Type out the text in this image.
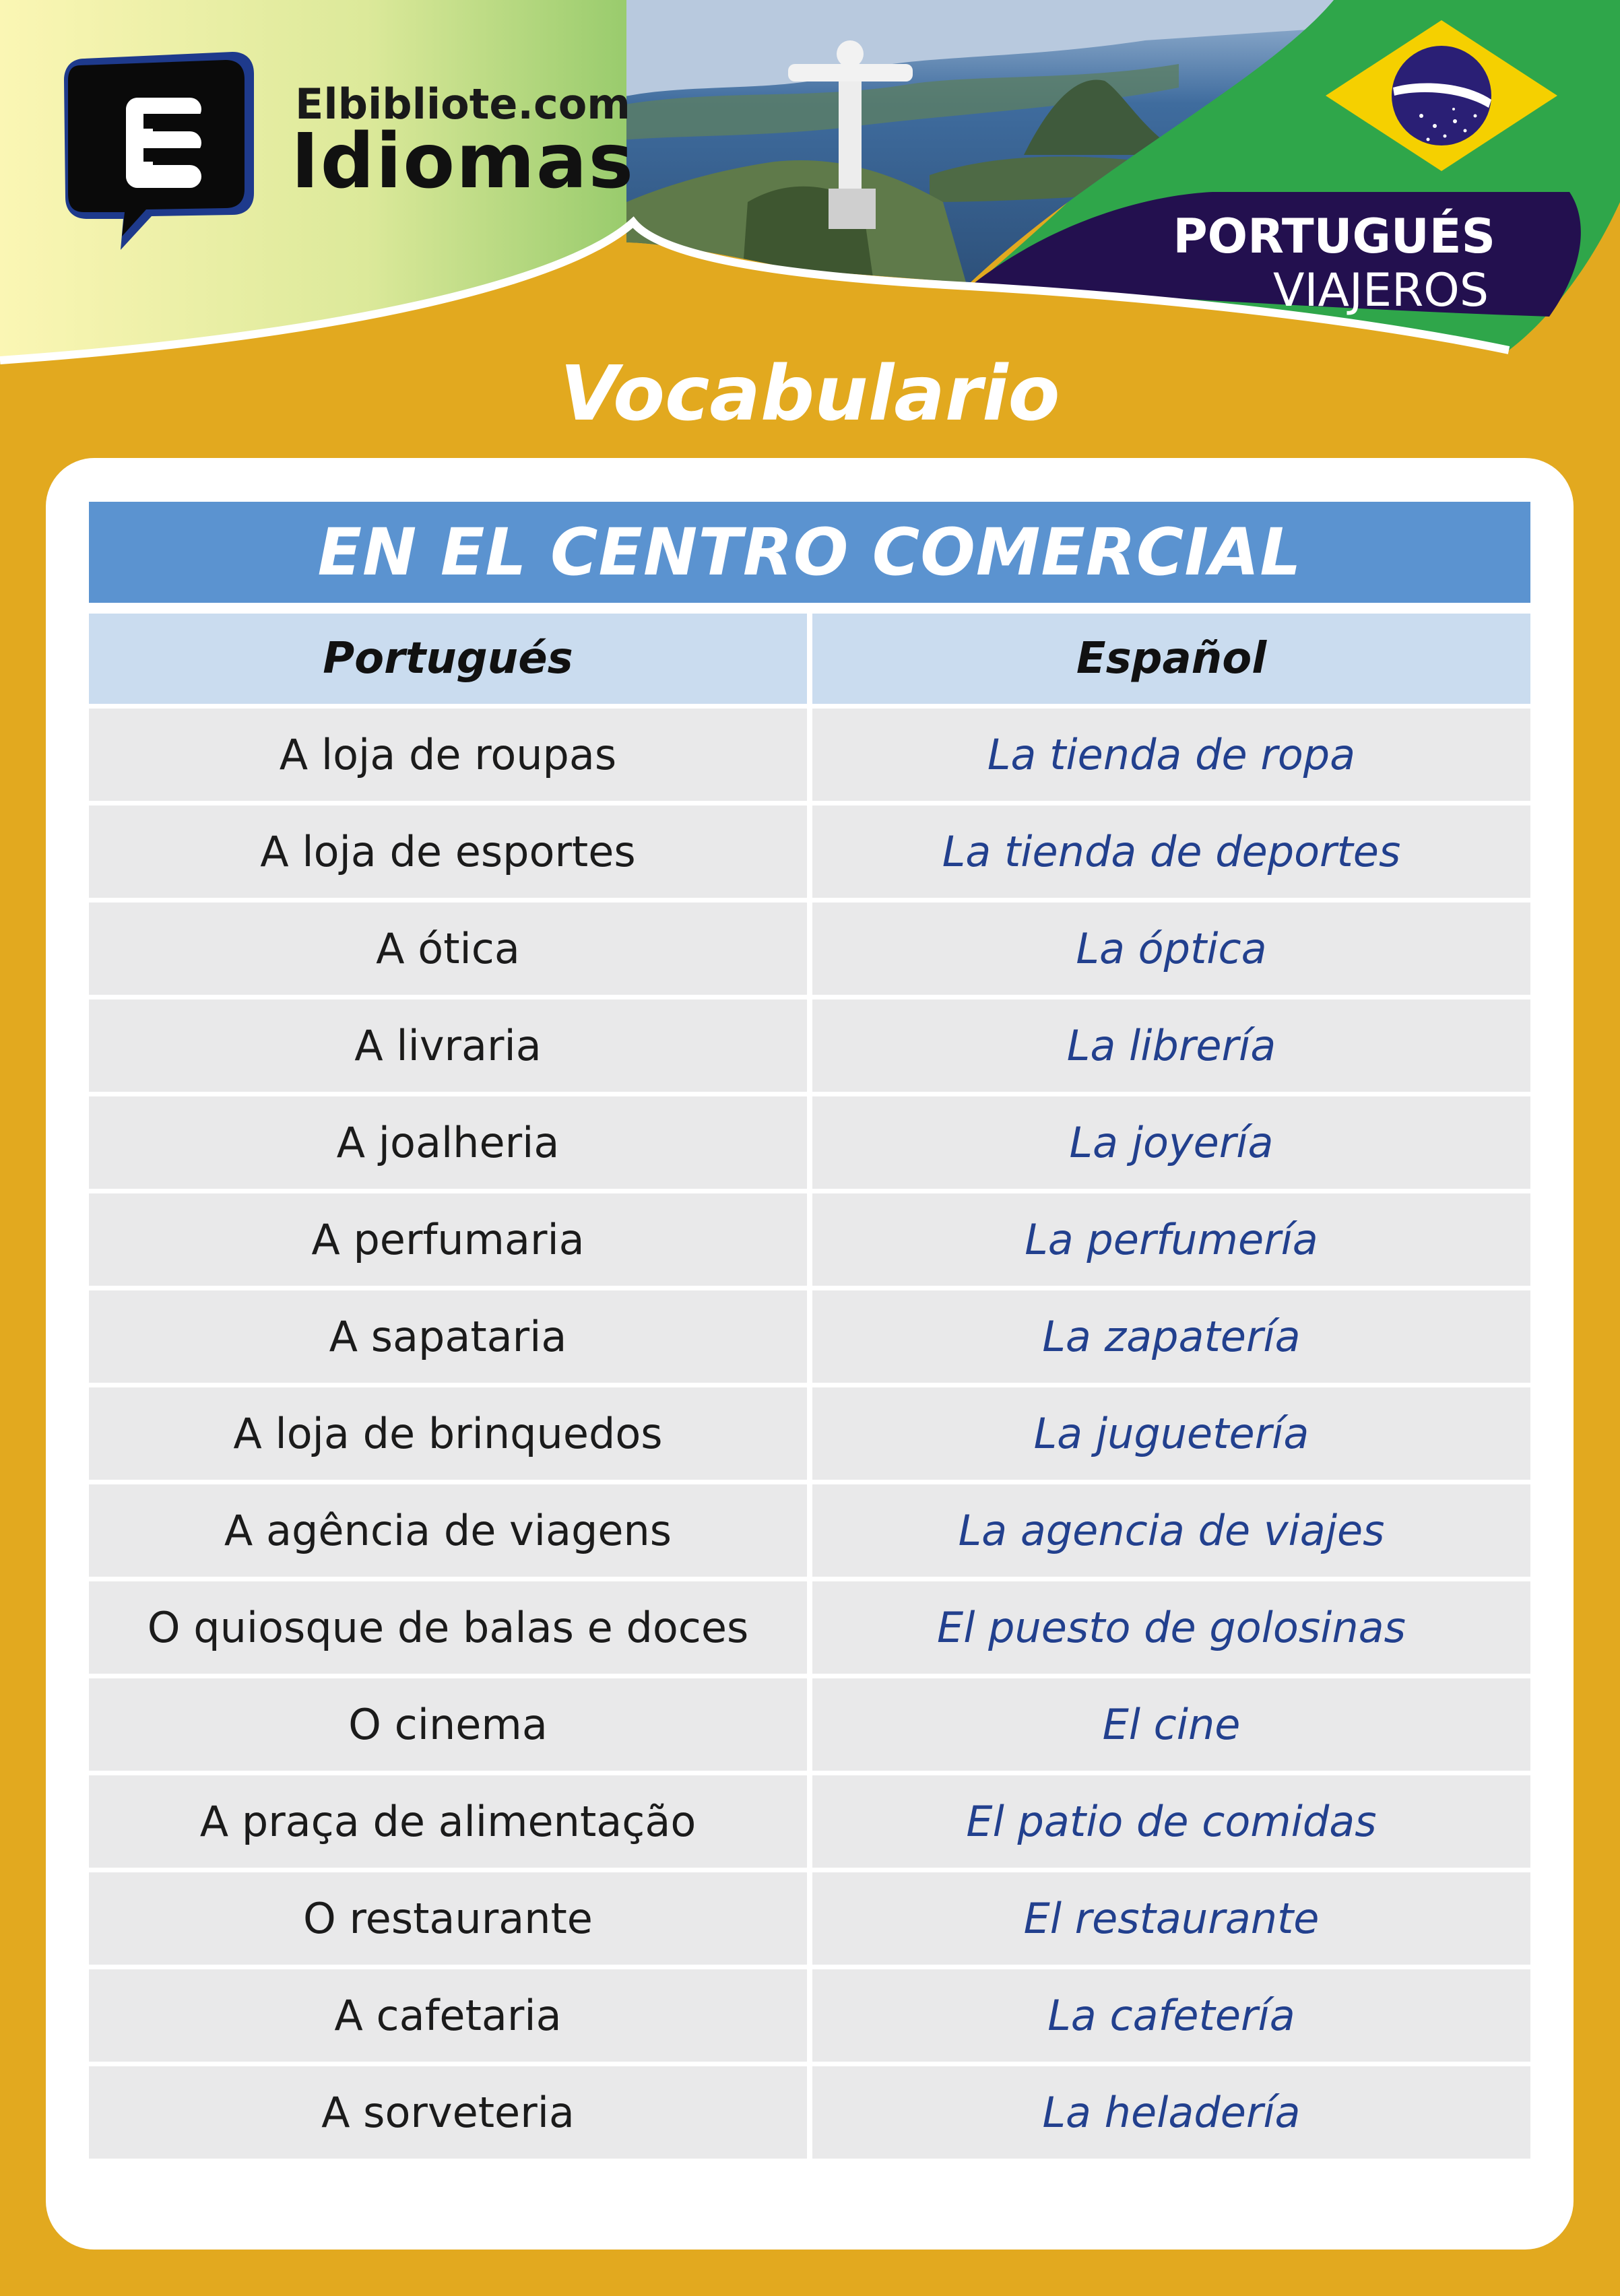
Elbibliote.com
Idiomas
PORTUGUÉS
VIAJEROS
Vocabulario
EN EL CENTRO COMERCIAL
Portugués	Español
A loja de roupas	La tienda de ropa
A loja de esportes	La tienda de deportes
A ótica	La óptica
A livraria	La librería
A joalheria	La joyería
A perfumaria	La perfumería
A sapataria	La zapatería
A loja de brinquedos	La juguetería
A agência de viagens	La agencia de viajes
O quiosque de balas e doces	El puesto de golosinas
O cinema	El cine
A praça de alimentação	El patio de comidas
O restaurante	El restaurante
A cafetaria	La cafetería
A sorveteria	La heladería
